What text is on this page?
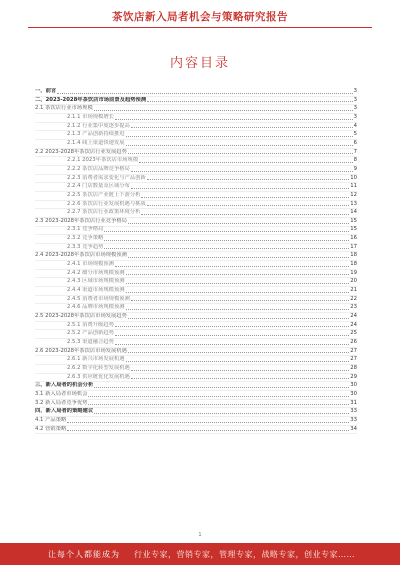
茶饮店新入局者机会与策略研究报告
内容目录
一、前言	3
二、2023-2028年茶饮店市场前景及趋势预测	3
2.1 茶饮店行业市场规模	3
2.1.1 市场规模增长	3
2.1.2 行业集中度逐步提高	4
2.1.3 产品创新持续推进	5
2.1.4 线上渠道快速发展	6
2.2 2023-2028年茶饮店行业发展趋势	7
2.2.1 2023年茶饮店市场规模	8
2.2.2 茶饮店品牌竞争格局	9
2.2.3 消费者需求变化与产品创新	10
2.2.4 门店数量及区域分布	11
2.2.5 茶饮店产业链上下游分析	12
2.2.6 茶饮店行业发展机遇与挑战	13
2.2.7 茶饮店行业政策环境分析	14
2.3 2023-2028年茶饮店行业竞争格局	15
2.3.1 竞争格局	15
2.3.2 竞争策略	16
2.3.3 竞争趋势	17
2.4 2023-2028年茶饮店市场规模预测	18
2.4.1 市场规模预测	18
2.4.2 细分市场规模预测	19
2.4.3 区域市场规模预测	20
2.4.4 渠道市场规模预测	21
2.4.5 消费者市场规模预测	22
2.4.6 品牌市场规模预测	23
2.5 2023-2028年茶饮店市场发展趋势	24
2.5.1 消费升级趋势	24
2.5.2 产品创新趋势	25
2.5.3 渠道融合趋势	26
2.6 2023-2028年茶饮店市场发展机遇	27
2.6.1 新兴市场发展机遇	27
2.6.2 数字化转型发展机遇	28
2.6.3 供应链优化发展机遇	29
三、新入局者的机会分析	30
3.1 新入局者市场机会	30
3.2 新入局者竞争优势	31
四、新入局者的策略建议	33
4.1 产品策略	33
4.2 营销策略	34
1
让每个人都能成为 行业专家，营销专家，管理专家，战略专家，创业专家……
